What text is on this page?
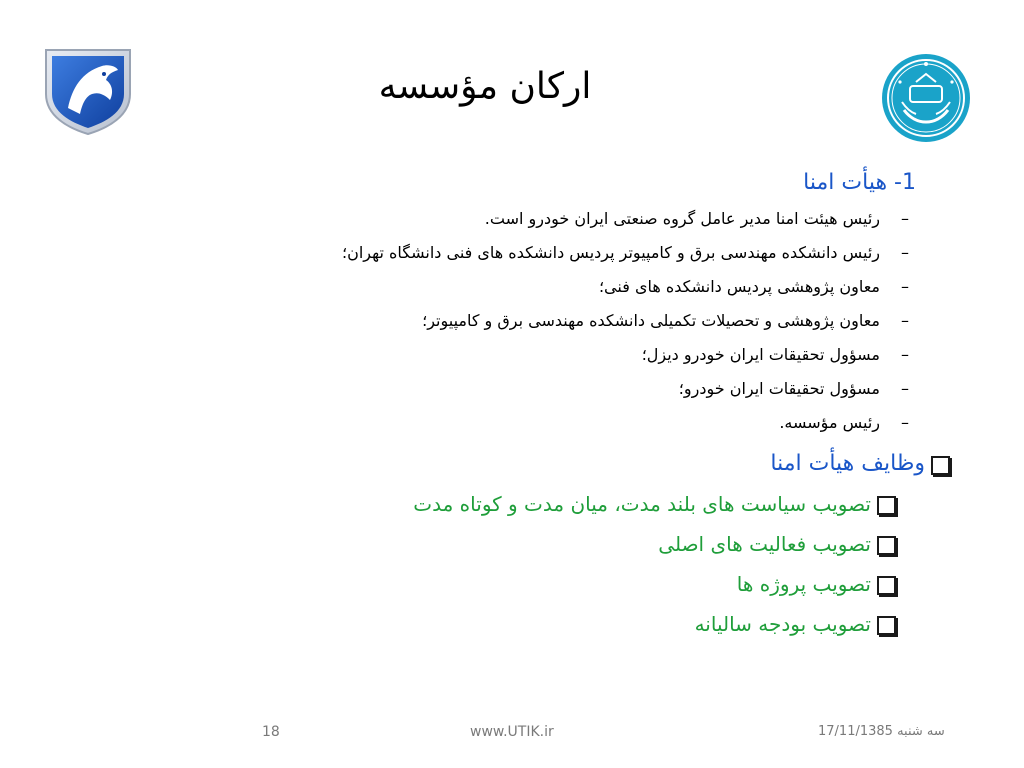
ارکان مؤسسه
1- هیأت امنا
–
رئیس هیئت امنا مدیر عامل گروه صنعتی ایران خودرو است.
–
رئیس دانشکده مهندسی برق و کامپیوتر پردیس دانشکده های فنی دانشگاه تهران؛
–
معاون پژوهشی پردیس دانشکده های فنی؛
–
معاون پژوهشی و تحصیلات تکمیلی دانشکده مهندسی برق و کامپیوتر؛
–
مسؤول تحقیقات ایران خودرو دیزل؛
–
مسؤول تحقیقات ایران خودرو؛
–
رئیس مؤسسه.
وظایف هیأت امنا
تصویب سیاست های بلند مدت، میان مدت و کوتاه مدت
تصویب فعالیت های اصلی
تصویب پروژه ها
تصویب بودجه سالیانه
سه شنبه 17/11/1385
www.UTIK.ir
18
